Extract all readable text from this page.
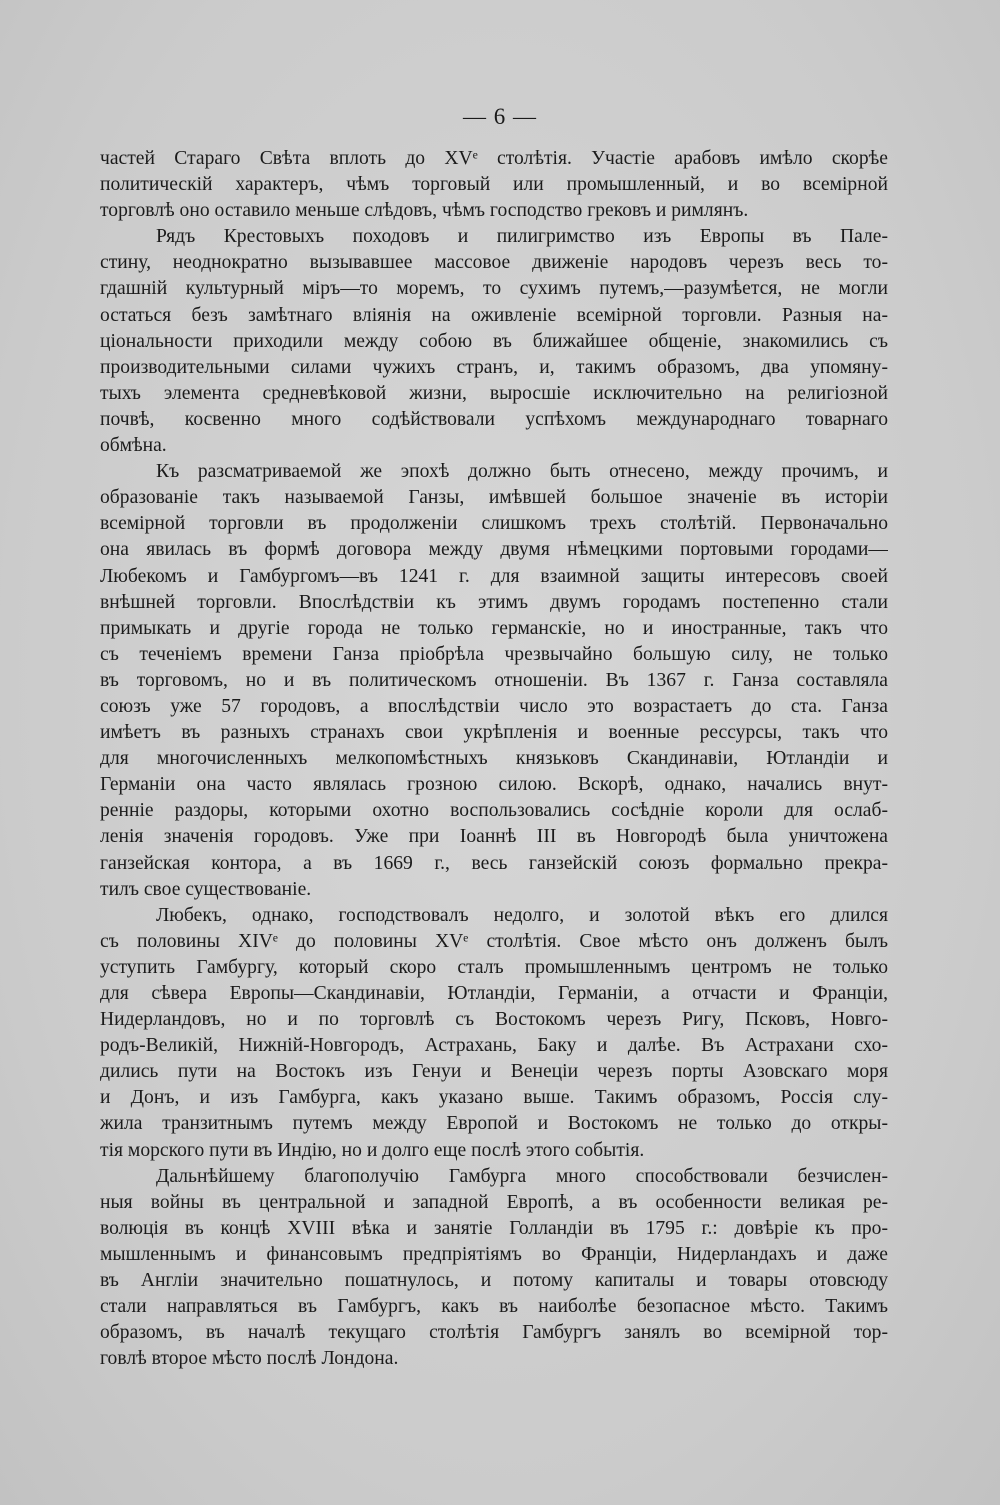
— 6 —
частей Стараго Свѣта вплоть до XVᵉ столѣтія. Участіе арабовъ имѣло скорѣе
политическій характеръ, чѣмъ торговый или промышленный, и во всемірной
торговлѣ оно оставило меньше слѣдовъ, чѣмъ господство грековъ и римлянъ.
Рядъ Крестовыхъ походовъ и пилигримство изъ Европы въ Пале-
стину, неоднократно вызывавшее массовое движеніе народовъ черезъ весь то-
гдашній культурный міръ—то моремъ, то сухимъ путемъ,—разумѣется, не могли
остаться безъ замѣтнаго вліянія на оживленіе всемірной торговли. Разныя на-
ціональности приходили между собою въ ближайшее общеніе, знакомились съ
производительными силами чужихъ странъ, и, такимъ образомъ, два упомяну-
тыхъ элемента средневѣковой жизни, выросшіе исключительно на религіозной
почвѣ, косвенно много содѣйствовали успѣхомъ международнаго товарнаго
обмѣна.
Къ разсматриваемой же эпохѣ должно быть отнесено, между прочимъ, и
образованіе такъ называемой Ганзы, имѣвшей большое значеніе въ исторіи
всемірной торговли въ продолженіи слишкомъ трехъ столѣтій. Первоначально
она явилась въ формѣ договора между двумя нѣмецкими портовыми городами—
Любекомъ и Гамбургомъ—въ 1241 г. для взаимной защиты интересовъ своей
внѣшней торговли. Впослѣдствіи къ этимъ двумъ городамъ постепенно стали
примыкать и другіе города не только германскіе, но и иностранные, такъ что
съ теченіемъ времени Ганза пріобрѣла чрезвычайно большую силу, не только
въ торговомъ, но и въ политическомъ отношеніи. Въ 1367 г. Ганза составляла
союзъ уже 57 городовъ, а впослѣдствіи число это возрастаетъ до ста. Ганза
имѣетъ въ разныхъ странахъ свои укрѣпленія и военные рессурсы, такъ что
для многочисленныхъ мелкопомѣстныхъ князьковъ Скандинавіи, Ютландіи и
Германіи она часто являлась грозною силою. Вскорѣ, однако, начались внут-
ренніе раздоры, которыми охотно воспользовались сосѣдніе короли для ослаб-
ленія значенія городовъ. Уже при Іоаннѣ III въ Новгородѣ была уничтожена
ганзейская контора, а въ 1669 г., весь ганзейскій союзъ формально прекра-
тилъ свое существованіе.
Любекъ, однако, господствовалъ недолго, и золотой вѣкъ его длился
съ половины XIVᵉ до половины XVᵉ столѣтія. Свое мѣсто онъ долженъ былъ
уступить Гамбургу, который скоро сталъ промышленнымъ центромъ не только
для сѣвера Европы—Скандинавіи, Ютландіи, Германіи, а отчасти и Франціи,
Нидерландовъ, но и по торговлѣ съ Востокомъ черезъ Ригу, Псковъ, Новго-
родъ-Великій, Нижній-Новгородъ, Астрахань, Баку и далѣе. Въ Астрахани схо-
дились пути на Востокъ изъ Генуи и Венеціи черезъ порты Азовскаго моря
и Донъ, и изъ Гамбурга, какъ указано выше. Такимъ образомъ, Россія слу-
жила транзитнымъ путемъ между Европой и Востокомъ не только до откры-
тія морского пути въ Индію, но и долго еще послѣ этого событія.
Дальнѣйшему благополучію Гамбурга много способствовали безчислен-
ныя войны въ центральной и западной Европѣ, а въ особенности великая ре-
волюція въ концѣ XVIII вѣка и занятіе Голландіи въ 1795 г.: довѣріе къ про-
мышленнымъ и финансовымъ предпріятіямъ во Франціи, Нидерландахъ и даже
въ Англіи значительно пошатнулось, и потому капиталы и товары отовсюду
стали направляться въ Гамбургъ, какъ въ наиболѣе безопасное мѣсто. Такимъ
образомъ, въ началѣ текущаго столѣтія Гамбургъ занялъ во всемірной тор-
говлѣ второе мѣсто послѣ Лондона.
